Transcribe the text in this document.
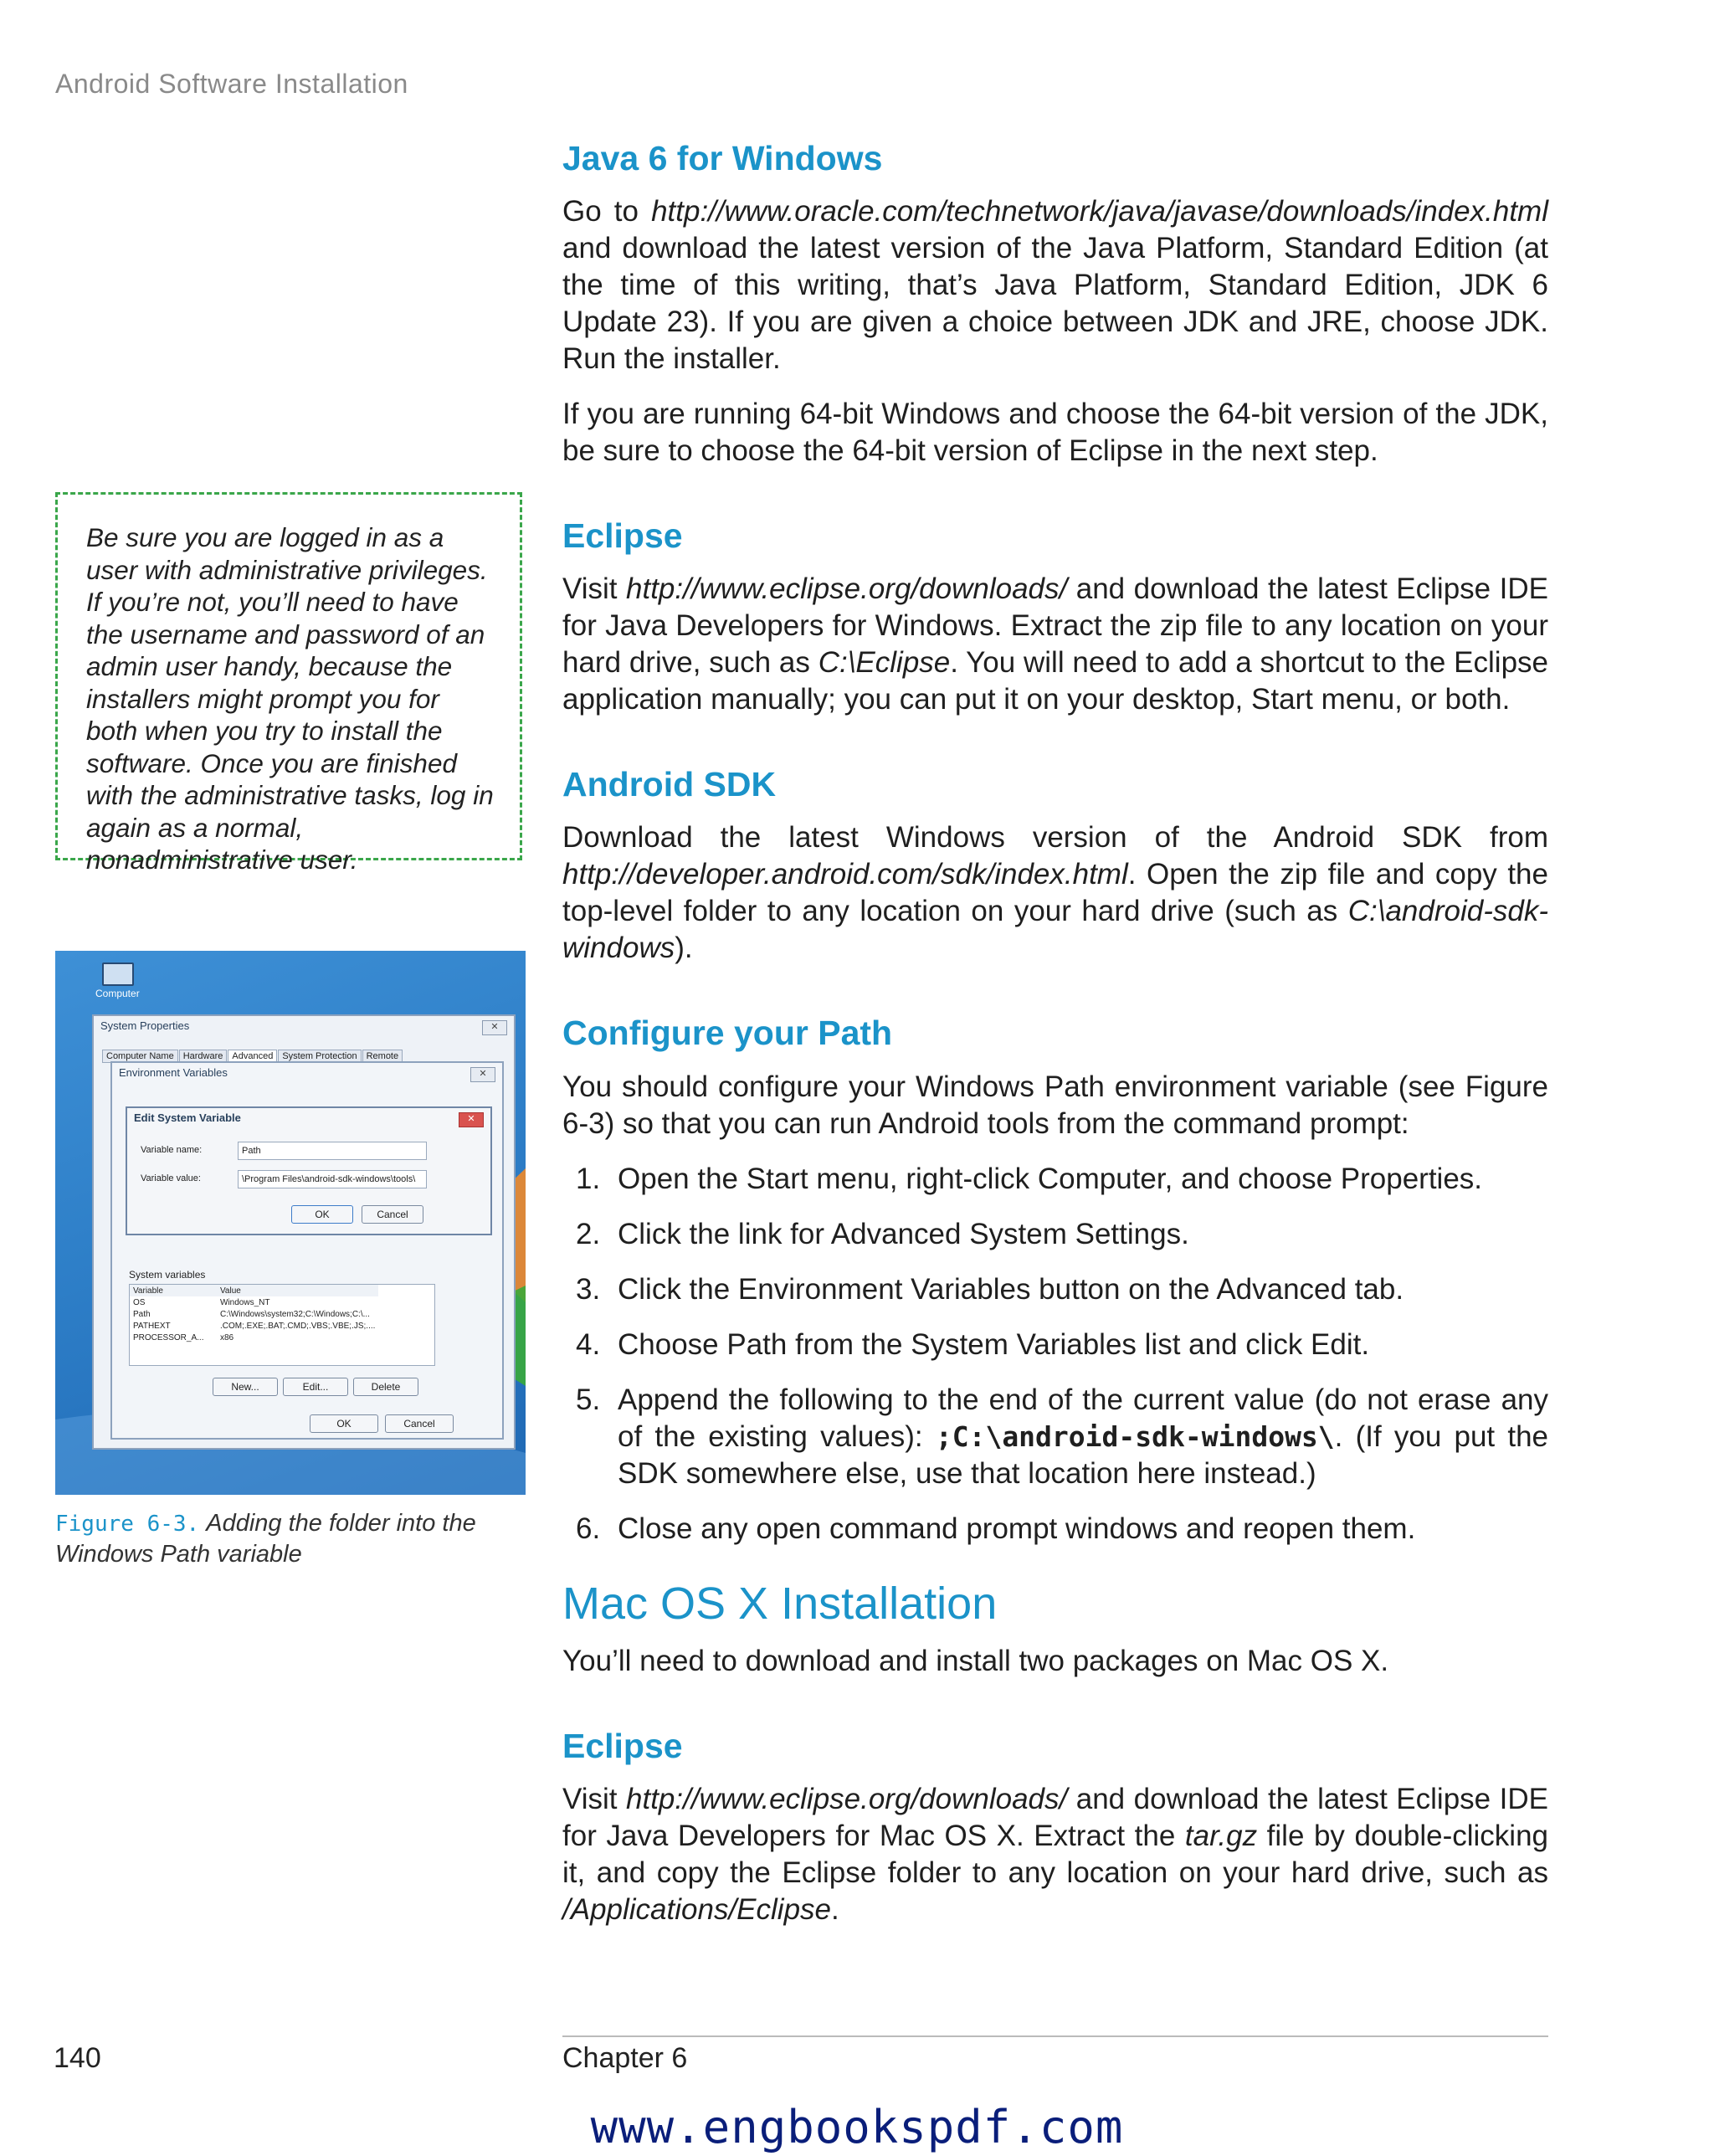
Android Software Installation

Be sure you are logged in as a user with administrative privileges. If you’re not, you’ll need to have the username and password of an admin user handy, because the installers might prompt you for both when you try to install the software. Once you are finished with the administrative tasks, log in again as a normal, nonadministrative user.

Computer
System Properties	✕
Computer Name Hardware Advanced System Protection Remote
Environment Variables	✕
System variables
Variable	Value
OS	Windows_NT
Path	C:\Windows\system32;C:\Windows;C:\...
PATHEXT	.COM;.EXE;.BAT;.CMD;.VBS;.VBE;.JS;....
PROCESSOR_A...	x86
New...	Edit...	Delete
OK	Cancel
Edit System Variable	✕
Variable name:	Path
Variable value:	\Program Files\android-sdk-windows\tools\
OK	Cancel
Figure 6-3. Adding the folder into the Windows Path variable
Java 6 for Windows

Go to http://www.oracle.com/technetwork/java/javase/downloads/index.html and download the latest version of the Java Platform, Standard Edition (at the time of this writing, that’s Java Platform, Standard Edition, JDK 6 Update 23). If you are given a choice between JDK and JRE, choose JDK. Run the installer.

If you are running 64-bit Windows and choose the 64-bit version of the JDK, be sure to choose the 64-bit version of Eclipse in the next step.

Eclipse

Visit http://www.eclipse.org/downloads/ and download the latest Eclipse IDE for Java Developers for Windows. Extract the zip file to any location on your hard drive, such as C:\Eclipse. You will need to add a shortcut to the Eclipse application manually; you can put it on your desktop, Start menu, or both.

Android SDK

Download the latest Windows version of the Android SDK from http://developer.android.com/sdk/index.html. Open the zip file and copy the top-level folder to any location on your hard drive (such as C:\android-sdk-windows).

Configure your Path

You should configure your Windows Path environment variable (see Figure 6-3) so that you can run Android tools from the command prompt:

1. Open the Start menu, right-click Computer, and choose Properties.
2. Click the link for Advanced System Settings.
3. Click the Environment Variables button on the Advanced tab.
4. Choose Path from the System Variables list and click Edit.
5. Append the following to the end of the current value (do not erase any of the existing values): ;C:\android-sdk-windows\. (If you put the SDK somewhere else, use that location here instead.)
6. Close any open command prompt windows and reopen them.
Mac OS X Installation

You’ll need to download and install two packages on Mac OS X.

Eclipse

Visit http://www.eclipse.org/downloads/ and download the latest Eclipse IDE for Java Developers for Mac OS X. Extract the tar.gz file by double-clicking it, and copy the Eclipse folder to any location on your hard drive, such as /Applications/Eclipse.

140	Chapter 6
www.engbookspdf.com
